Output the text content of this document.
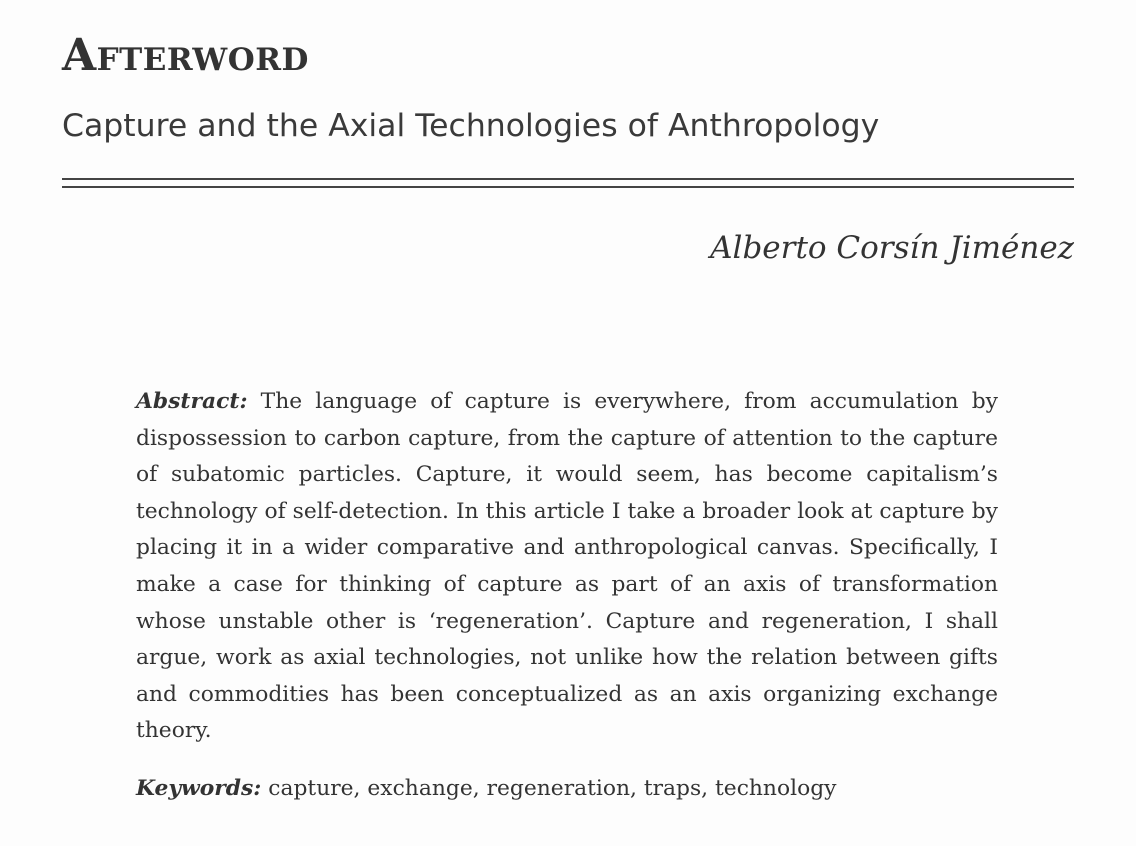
Afterword
Capture and the Axial Technologies of Anthropology
Alberto Corsín Jiménez

Abstract: The language of capture is everywhere, from accumulation by dispossession to carbon capture, from the capture of attention to the capture of subatomic particles. Capture, it would seem, has become capitalism’s technology of self-detection. In this article I take a broader look at capture by placing it in a wider comparative and anthropological canvas. Specifically, I make a case for thinking of capture as part of an axis of transformation whose unstable other is ‘regeneration’. Capture and regeneration, I shall argue, work as axial technologies, not unlike how the relation between gifts and commodities has been conceptualized as an axis organizing exchange theory.

Keywords: capture, exchange, regeneration, traps, technology
